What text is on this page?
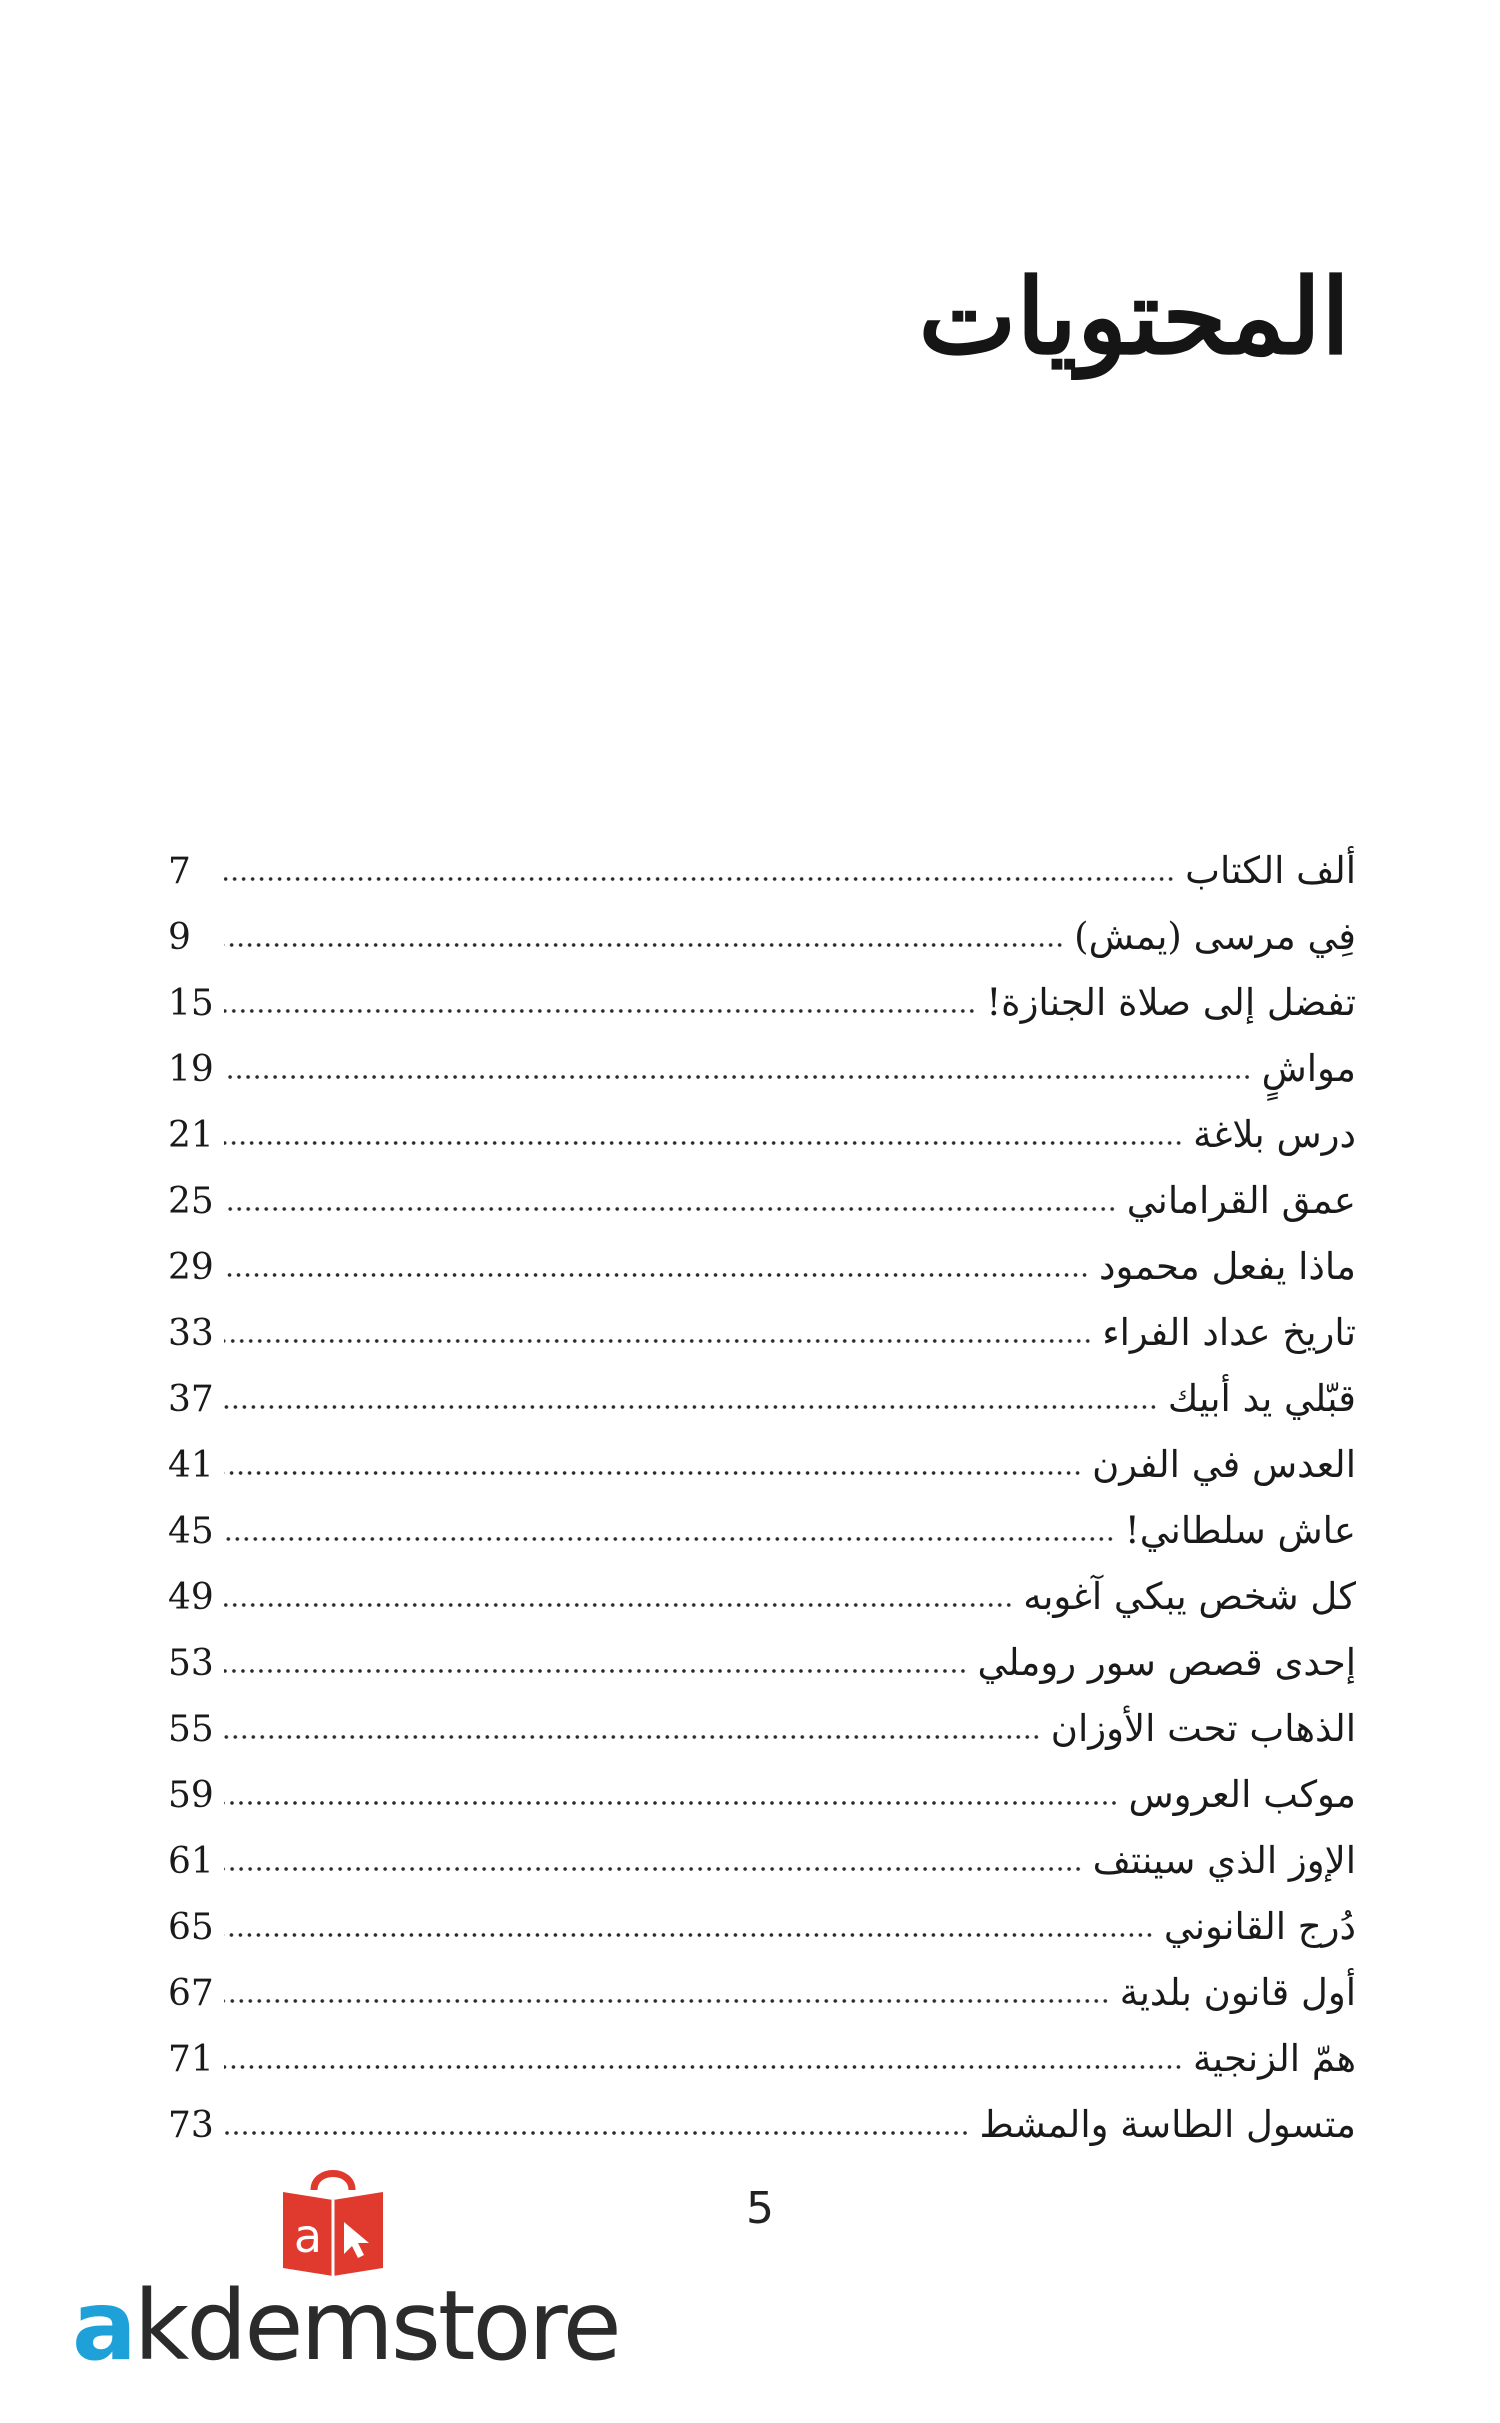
المحتويات
ألف الكتاب
7
فِي مرسى (يمش)
9
تفضل إلى صلاة الجنازة!
15
مواشٍ
19
درس بلاغة
21
عمق القراماني
25
ماذا يفعل محمود
29
تاريخ عداد الفراء
33
قبّلي يد أبيك
37
العدس في الفرن
41
عاش سلطاني!
45
كل شخص يبكي آغوبه
49
إحدى قصص سور روملي
53
الذهاب تحت الأوزان
55
موكب العروس
59
الإوز الذي سينتف
61
دُرج القانوني
65
أول قانون بلدية
67
همّ الزنجية
71
متسول الطاسة والمشط
73
5
a
akdemstore
